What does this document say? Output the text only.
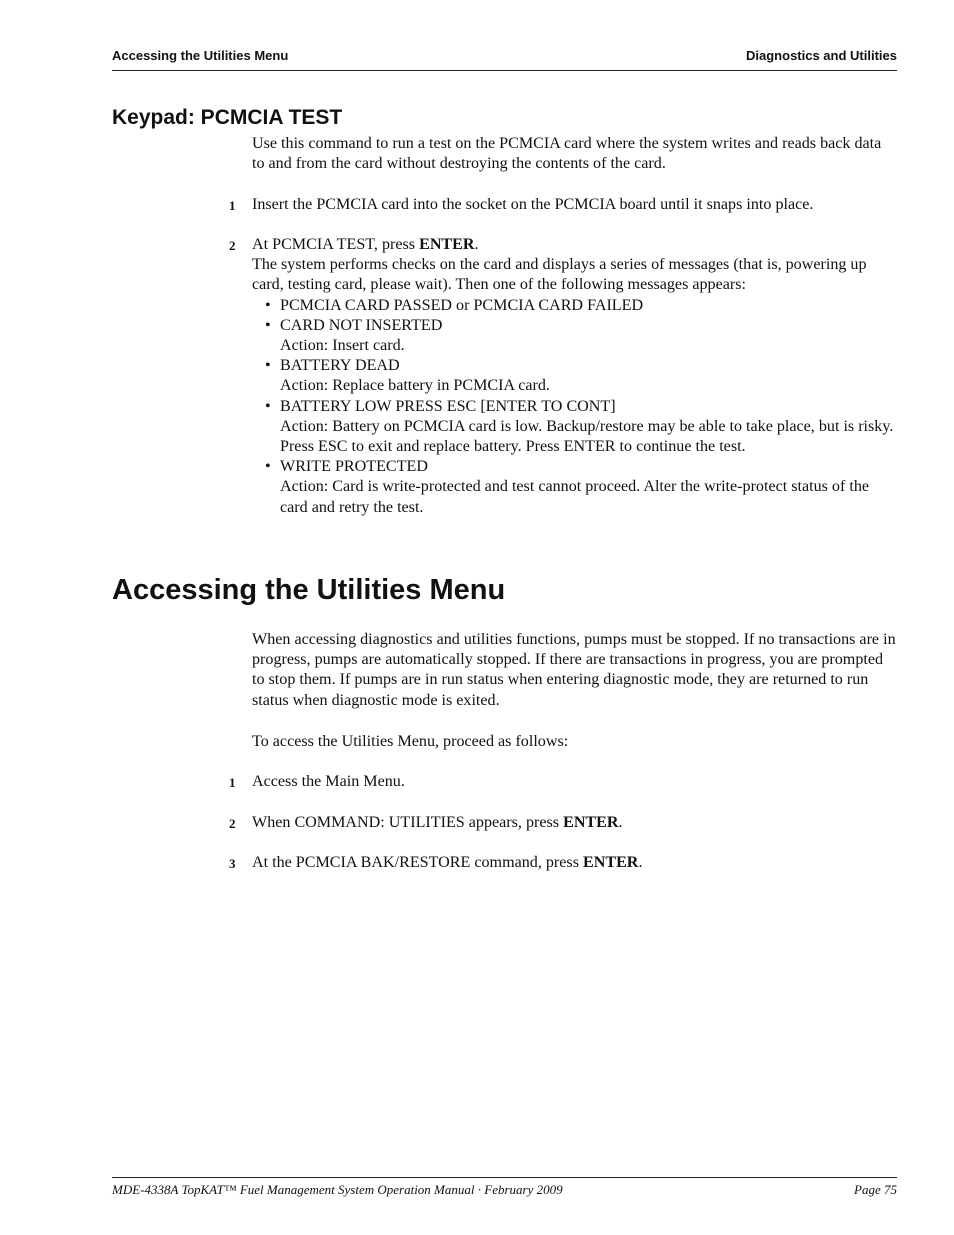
Accessing the Utilities Menu	Diagnostics and Utilities
Keypad: PCMCIA TEST

Use this command to run a test on the PCMCIA card where the system writes and reads back data to and from the card without destroying the contents of the card.

1 Insert the PCMCIA card into the socket on the PCMCIA board until it snaps into place.

2 At PCMCIA TEST, press ENTER.

The system performs checks on the card and displays a series of messages (that is, powering up card, testing card, please wait). Then one of the following messages appears:

• PCMCIA CARD PASSED or PCMCIA CARD FAILED
• CARD NOT INSERTED
Action: Insert card.
• BATTERY DEAD
Action: Replace battery in PCMCIA card.
• BATTERY LOW PRESS ESC [ENTER TO CONT]
Action: Battery on PCMCIA card is low. Backup/restore may be able to take place, but is risky. Press ESC to exit and replace battery. Press ENTER to continue the test.
• WRITE PROTECTED
Action: Card is write-protected and test cannot proceed. Alter the write-protect status of the card and retry the test.
Accessing the Utilities Menu

When accessing diagnostics and utilities functions, pumps must be stopped. If no transactions are in progress, pumps are automatically stopped. If there are transactions in progress, you are prompted to stop them. If pumps are in run status when entering diagnostic mode, they are returned to run status when diagnostic mode is exited.

To access the Utilities Menu, proceed as follows:

1 Access the Main Menu.

2 When COMMAND: UTILITIES appears, press ENTER.

3 At the PCMCIA BAK/RESTORE command, press ENTER.

MDE-4338A TopKAT™ Fuel Management System Operation Manual · February 2009	Page 75
